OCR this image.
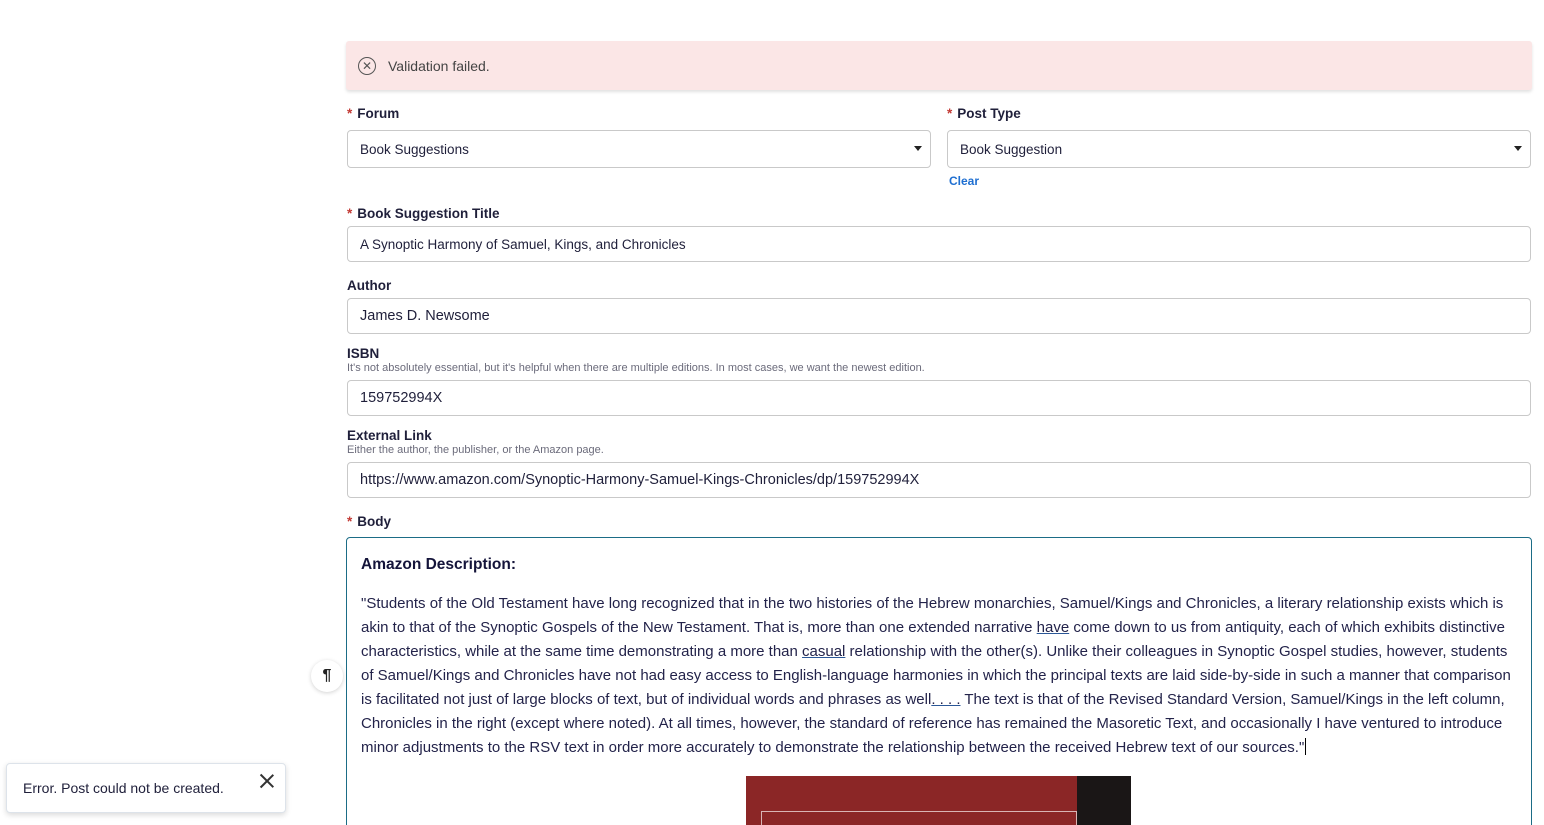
✕ Validation failed.
* Forum
Book Suggestions
* Post Type
Book Suggestion
Clear
* Book Suggestion Title
A Synoptic Harmony of Samuel, Kings, and Chronicles
Author
James D. Newsome
ISBN
It's not absolutely essential, but it's helpful when there are multiple editions. In most cases, we want the newest edition.
159752994X
External Link
Either the author, the publisher, or the Amazon page.
https://www.amazon.com/Synoptic-Harmony-Samuel-Kings-Chronicles/dp/159752994X
* Body
Amazon Description:
"Students of the Old Testament have long recognized that in the two histories of the Hebrew monarchies, Samuel/Kings and Chronicles, a literary relationship exists which is akin to that of the Synoptic Gospels of the New Testament. That is, more than one extended narrative have come down to us from antiquity, each of which exhibits distinctive characteristics, while at the same time demonstrating a more than casual relationship with the other(s). Unlike their colleagues in Synoptic Gospel studies, however, students of Samuel/Kings and Chronicles have not had easy access to English-language harmonies in which the principal texts are laid side-by-side in such a manner that comparison is facilitated not just of large blocks of text, but of individual words and phrases as well. . . . The text is that of the Revised Standard Version, Samuel/Kings in the left column, Chronicles in the right (except where noted). At all times, however, the standard of reference has remained the Masoretic Text, and occasionally I have ventured to introduce minor adjustments to the RSV text in order more accurately to demonstrate the relationship between the received Hebrew text of our sources."
¶
Error. Post could not be created.
